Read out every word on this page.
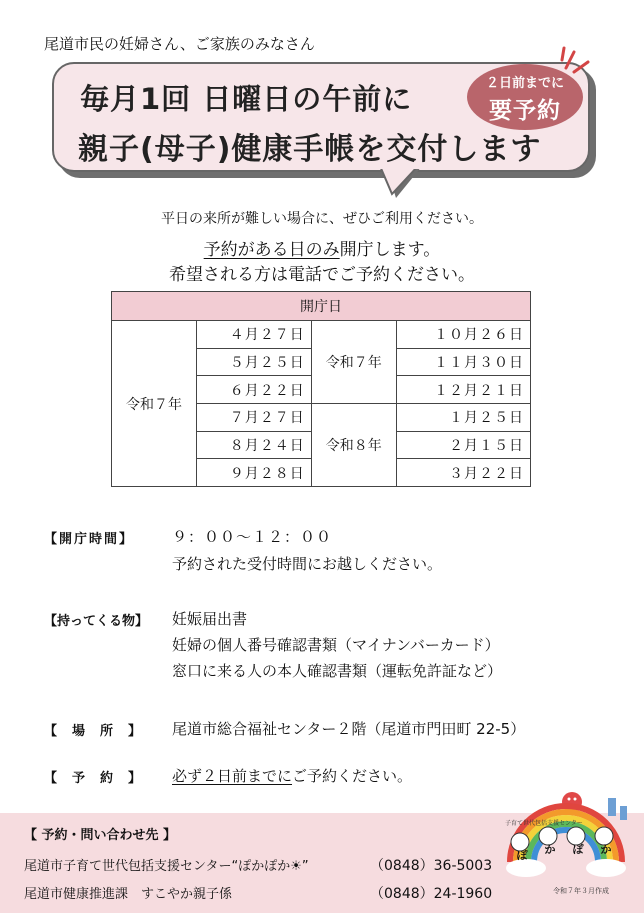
尾道市民の妊婦さん、ご家族のみなさん
毎月1回 日曜日の午前に
親子(母子)健康手帳を交付します
２日前までに
要予約
平日の来所が難しい場合に、ぜひご利用ください。
予約がある日のみ開庁します。
希望される方は電話でご予約ください。
開庁日			
令和７年	４月２７日	令和７年	１０月２６日
	５月２５日		１１月３０日
	６月２２日		１２月２１日
	７月２７日	令和８年	１月２５日
	８月２４日		２月１５日
	９月２８日		３月２２日
【開庁時間】	９：００～１２：００
予約された受付時間にお越しください。
【持ってくる物】 妊娠届出書
妊婦の個人番号確認書類（マイナンバーカード）
窓口に来る人の本人確認書類（運転免許証など）
【　場　所　】 尾道市総合福祉センター２階（尾道市門田町 22-5）
【　予　約　】 必ず２日前までにご予約ください。
【 予約・問い合わせ先 】
尾道市子育て世代包括支援センター“ぽかぽか☀”	（0848）36-5003
尾道市健康推進課　すこやか親子係	（0848）24-1960
ぽ	か	ぽ	か
子育て世代包括支援センター
令和７年３月作成
